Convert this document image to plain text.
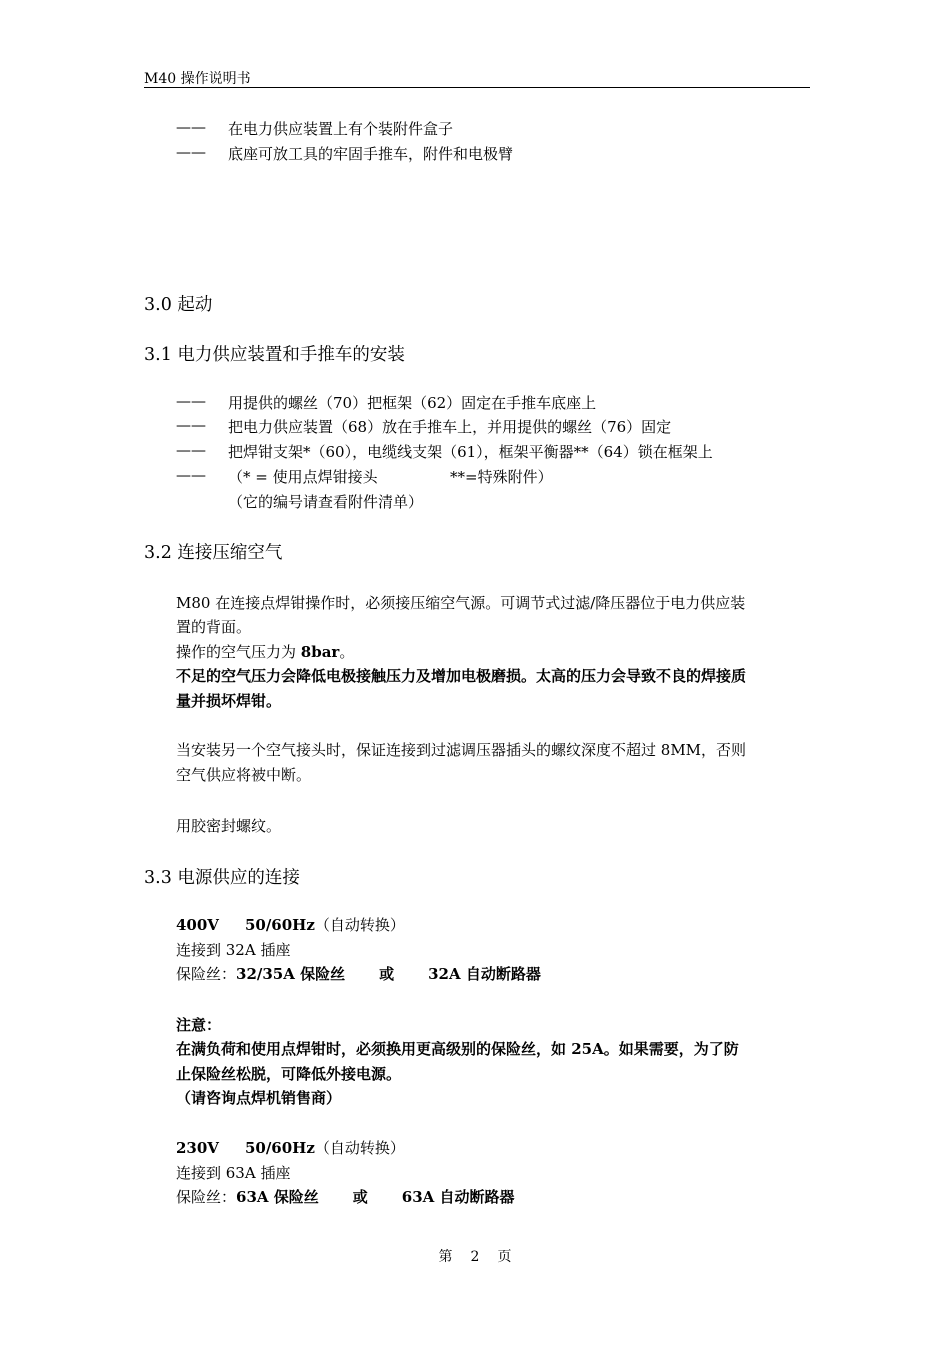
M40 操作说明书
—— 在电力供应装置上有个装附件盒子
—— 底座可放工具的牢固手推车，附件和电极臂
3.0 起动
3.1 电力供应装置和手推车的安装
—— 用提供的螺丝（70）把框架（62）固定在手推车底座上
—— 把电力供应装置（68）放在手推车上，并用提供的螺丝（76）固定
—— 把焊钳支架*（60），电缆线支架（61），框架平衡器**（64）锁在框架上
—— （* = 使用点焊钳接头	**=特殊附件）
（它的编号请查看附件清单）
3.2 连接压缩空气
M80 在连接点焊钳操作时，必须接压缩空气源。可调节式过滤/降压器位于电力供应装
置的背面。
操作的空气压力为 8bar。
不足的空气压力会降低电极接触压力及增加电极磨损。太高的压力会导致不良的焊接质
量并损坏焊钳。
当安装另一个空气接头时，保证连接到过滤调压器插头的螺纹深度不超过 8MM，否则
空气供应将被中断。
用胶密封螺纹。
3.3 电源供应的连接
400V 50/60Hz（自动转换）
连接到 32A 插座
保险丝：32/35A 保险丝 或 32A 自动断路器
注意：
在满负荷和使用点焊钳时，必须换用更高级别的保险丝，如 25A。如果需要，为了防
止保险丝松脱，可降低外接电源。
（请咨询点焊机销售商）
230V 50/60Hz（自动转换）
连接到 63A 插座
保险丝：63A 保险丝 或 63A 自动断路器
第 2 页
